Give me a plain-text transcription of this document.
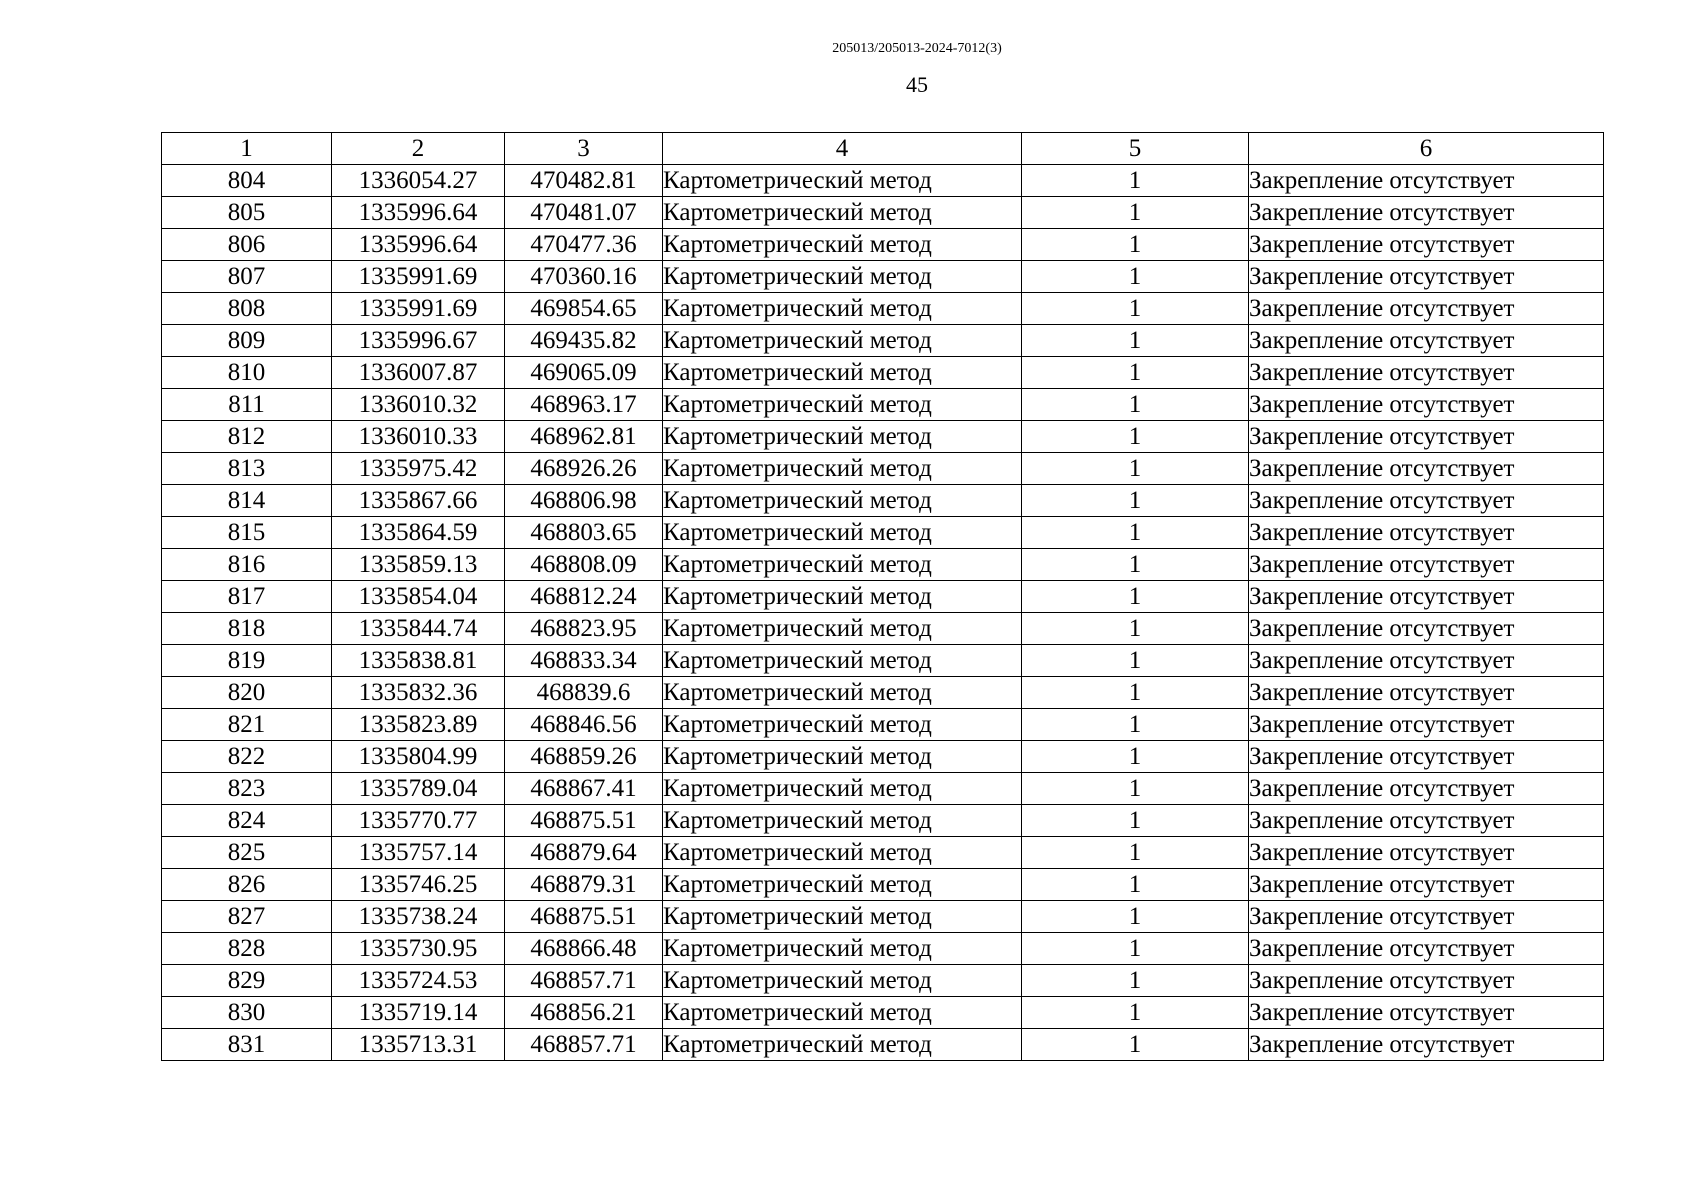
205013/205013-2024-7012(3)
45
1	2	3	4	5	6
804	1336054.27	470482.81	Картометрический метод	1	Закрепление отсутствует
805	1335996.64	470481.07	Картометрический метод	1	Закрепление отсутствует
806	1335996.64	470477.36	Картометрический метод	1	Закрепление отсутствует
807	1335991.69	470360.16	Картометрический метод	1	Закрепление отсутствует
808	1335991.69	469854.65	Картометрический метод	1	Закрепление отсутствует
809	1335996.67	469435.82	Картометрический метод	1	Закрепление отсутствует
810	1336007.87	469065.09	Картометрический метод	1	Закрепление отсутствует
811	1336010.32	468963.17	Картометрический метод	1	Закрепление отсутствует
812	1336010.33	468962.81	Картометрический метод	1	Закрепление отсутствует
813	1335975.42	468926.26	Картометрический метод	1	Закрепление отсутствует
814	1335867.66	468806.98	Картометрический метод	1	Закрепление отсутствует
815	1335864.59	468803.65	Картометрический метод	1	Закрепление отсутствует
816	1335859.13	468808.09	Картометрический метод	1	Закрепление отсутствует
817	1335854.04	468812.24	Картометрический метод	1	Закрепление отсутствует
818	1335844.74	468823.95	Картометрический метод	1	Закрепление отсутствует
819	1335838.81	468833.34	Картометрический метод	1	Закрепление отсутствует
820	1335832.36	468839.6	Картометрический метод	1	Закрепление отсутствует
821	1335823.89	468846.56	Картометрический метод	1	Закрепление отсутствует
822	1335804.99	468859.26	Картометрический метод	1	Закрепление отсутствует
823	1335789.04	468867.41	Картометрический метод	1	Закрепление отсутствует
824	1335770.77	468875.51	Картометрический метод	1	Закрепление отсутствует
825	1335757.14	468879.64	Картометрический метод	1	Закрепление отсутствует
826	1335746.25	468879.31	Картометрический метод	1	Закрепление отсутствует
827	1335738.24	468875.51	Картометрический метод	1	Закрепление отсутствует
828	1335730.95	468866.48	Картометрический метод	1	Закрепление отсутствует
829	1335724.53	468857.71	Картометрический метод	1	Закрепление отсутствует
830	1335719.14	468856.21	Картометрический метод	1	Закрепление отсутствует
831	1335713.31	468857.71	Картометрический метод	1	Закрепление отсутствует
